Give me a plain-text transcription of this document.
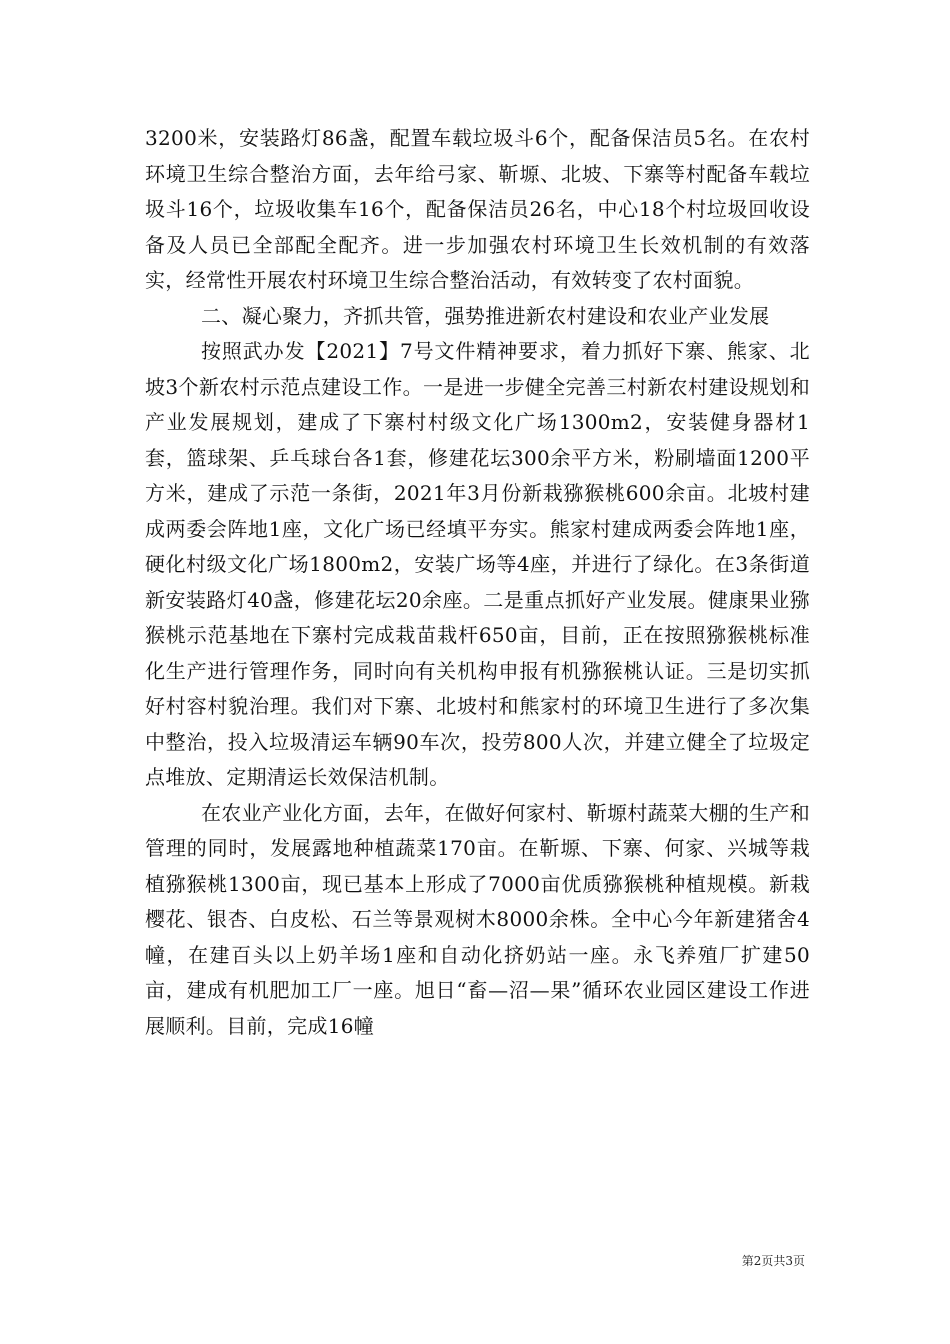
3200米，安装路灯86盏，配置车载垃圾斗6个，配备保洁员5名。在农村环境卫生综合整治方面，去年给弓家、靳塬、北坡、下寨等村配备车载垃圾斗16个，垃圾收集车16个，配备保洁员26名，中心18个村垃圾回收设备及人员已全部配全配齐。进一步加强农村环境卫生长效机制的有效落实，经常性开展农村环境卫生综合整治活动，有效转变了农村面貌。

二、凝心聚力，齐抓共管，强势推进新农村建设和农业产业发展

按照武办发【2021】7号文件精神要求，着力抓好下寨、熊家、北坡3个新农村示范点建设工作。一是进一步健全完善三村新农村建设规划和产业发展规划，建成了下寨村村级文化广场1300m2，安装健身器材1套，篮球架、乒乓球台各1套，修建花坛300余平方米，粉刷墙面1200平方米，建成了示范一条街，2021年3月份新栽猕猴桃600余亩。北坡村建成两委会阵地1座，文化广场已经填平夯实。熊家村建成两委会阵地1座，硬化村级文化广场1800m2，安装广场等4座，并进行了绿化。在3条街道新安装路灯40盏，修建花坛20余座。二是重点抓好产业发展。健康果业猕猴桃示范基地在下寨村完成栽苗栽杆650亩，目前，正在按照猕猴桃标准化生产进行管理作务，同时向有关机构申报有机猕猴桃认证。三是切实抓好村容村貌治理。我们对下寨、北坡村和熊家村的环境卫生进行了多次集中整治，投入垃圾清运车辆90车次，投劳800人次，并建立健全了垃圾定点堆放、定期清运长效保洁机制。

在农业产业化方面，去年，在做好何家村、靳塬村蔬菜大棚的生产和管理的同时，发展露地种植蔬菜170亩。在靳塬、下寨、何家、兴城等栽植猕猴桃1300亩，现已基本上形成了7000亩优质猕猴桃种植规模。新栽樱花、银杏、白皮松、石兰等景观树木8000余株。全中心今年新建猪舍4幢，在建百头以上奶羊场1座和自动化挤奶站一座。永飞养殖厂扩建50亩，建成有机肥加工厂一座。旭日“畜—沼—果”循环农业园区建设工作进展顺利。目前，完成16幢

第2页共3页
